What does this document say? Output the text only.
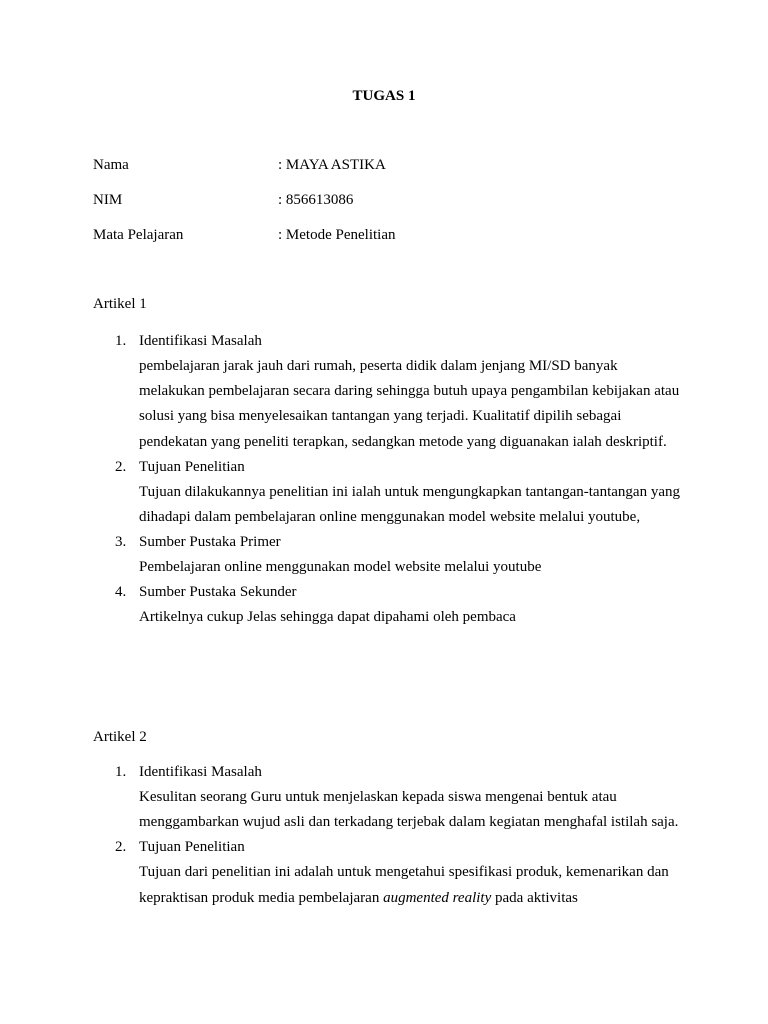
TUGAS 1
Nama	: MAYA ASTIKA
NIM	: 856613086
Mata Pelajaran	: Metode Penelitian
Artikel 1
1. Identifikasi Masalah
pembelajaran jarak jauh dari rumah, peserta didik dalam jenjang MI/SD banyak melakukan pembelajaran secara daring sehingga butuh upaya pengambilan kebijakan atau solusi yang bisa menyelesaikan tantangan yang terjadi. Kualitatif dipilih sebagai pendekatan yang peneliti terapkan, sedangkan metode yang diguanakan ialah deskriptif.
2. Tujuan Penelitian
Tujuan dilakukannya penelitian ini ialah untuk mengungkapkan tantangan-tantangan yang dihadapi dalam pembelajaran online menggunakan model website melalui youtube,
3. Sumber Pustaka Primer
Pembelajaran online menggunakan model website melalui youtube
4. Sumber Pustaka Sekunder
Artikelnya cukup Jelas sehingga dapat dipahami oleh pembaca
Artikel 2
1. Identifikasi Masalah
Kesulitan seorang Guru untuk menjelaskan kepada siswa mengenai bentuk atau menggambarkan wujud asli dan terkadang terjebak dalam kegiatan menghafal istilah saja.
2. Tujuan Penelitian
Tujuan dari penelitian ini adalah untuk mengetahui spesifikasi produk, kemenarikan dan kepraktisan produk media pembelajaran augmented reality pada aktivitas
